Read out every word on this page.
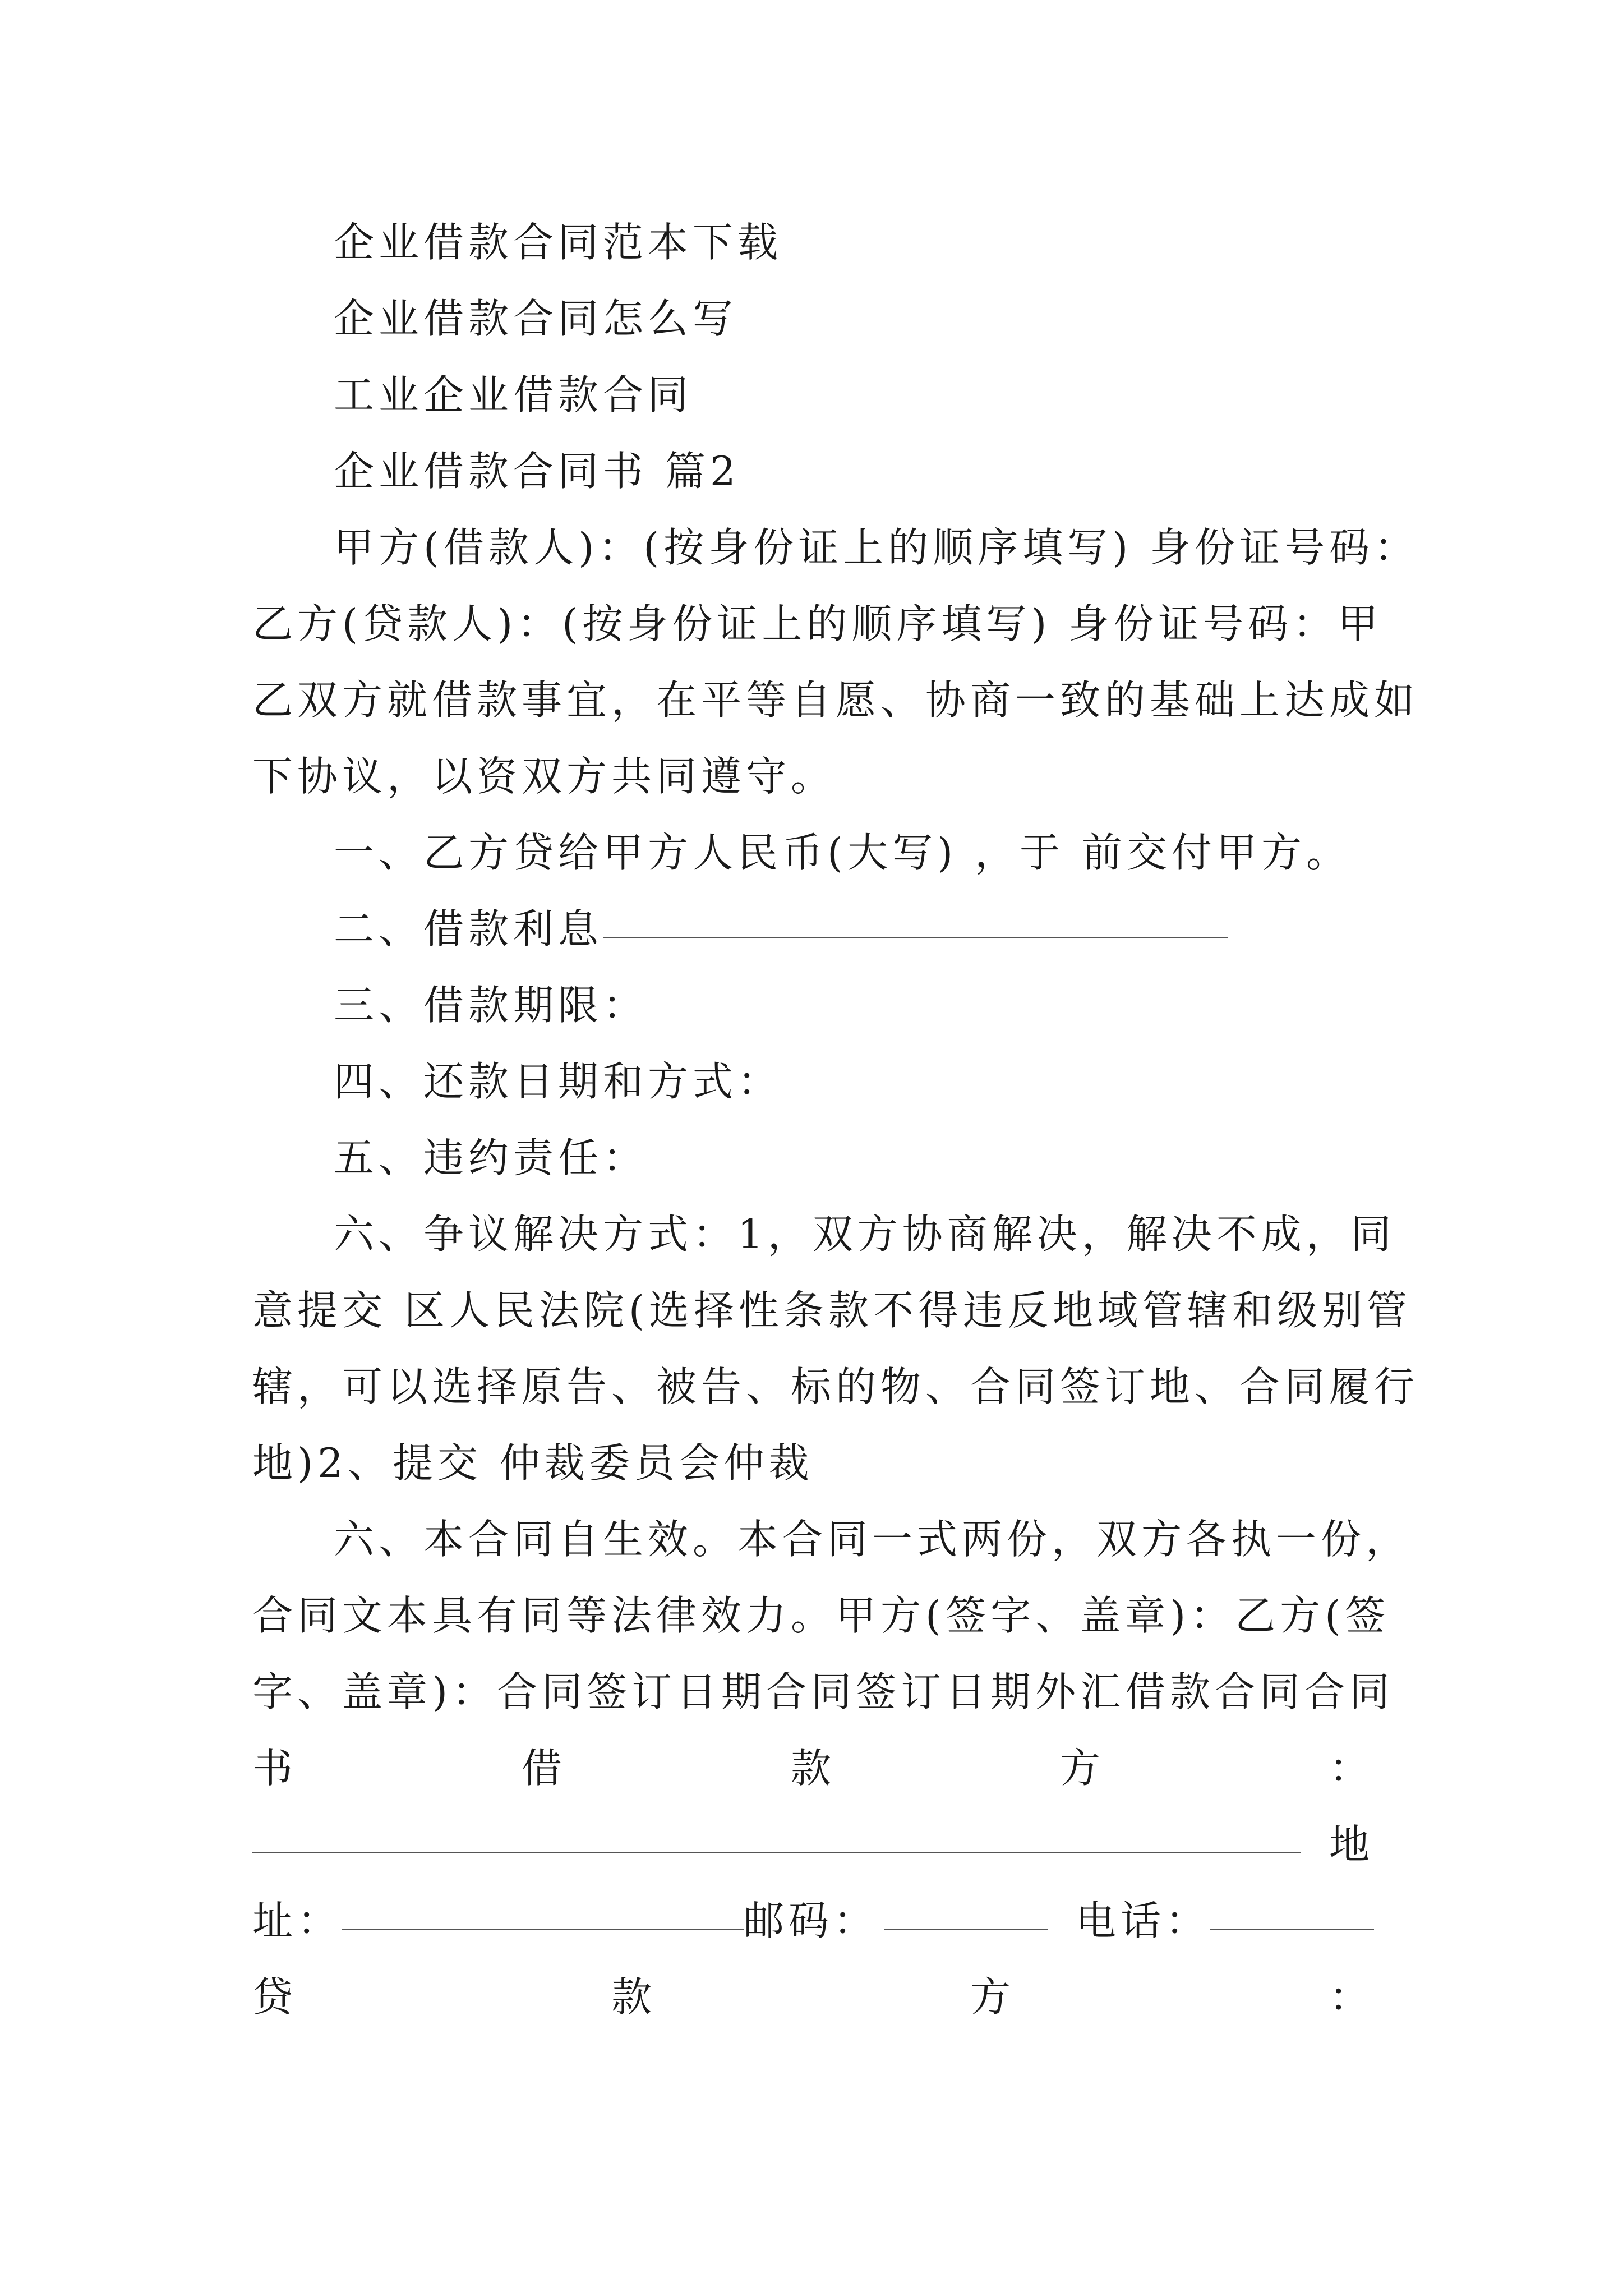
企业借款合同范本下载
企业借款合同怎么写
工业企业借款合同
企业借款合同书 篇2
甲方(借款人)：(按身份证上的顺序填写) 身份证号码：
乙方(贷款人)：(按身份证上的顺序填写) 身份证号码：甲
乙双方就借款事宜，在平等自愿、协商一致的基础上达成如
下协议，以资双方共同遵守。
一、乙方贷给甲方人民币(大写) ，于 前交付甲方。
二、借款利息
三、借款期限：
四、还款日期和方式：
五、违约责任：
六、争议解决方式：1，双方协商解决，解决不成，同
意提交 区人民法院(选择性条款不得违反地域管辖和级别管
辖，可以选择原告、被告、标的物、合同签订地、合同履行
地)2、提交 仲裁委员会仲裁
六、本合同自生效。本合同一式两份，双方各执一份，
合同文本具有同等法律效力。甲方(签字、盖章)：乙方(签
字、盖章)：合同签订日期合同签订日期外汇借款合同合同
书	借	款	方	：
地
址：	邮码：	电话：
贷	款	方	：
